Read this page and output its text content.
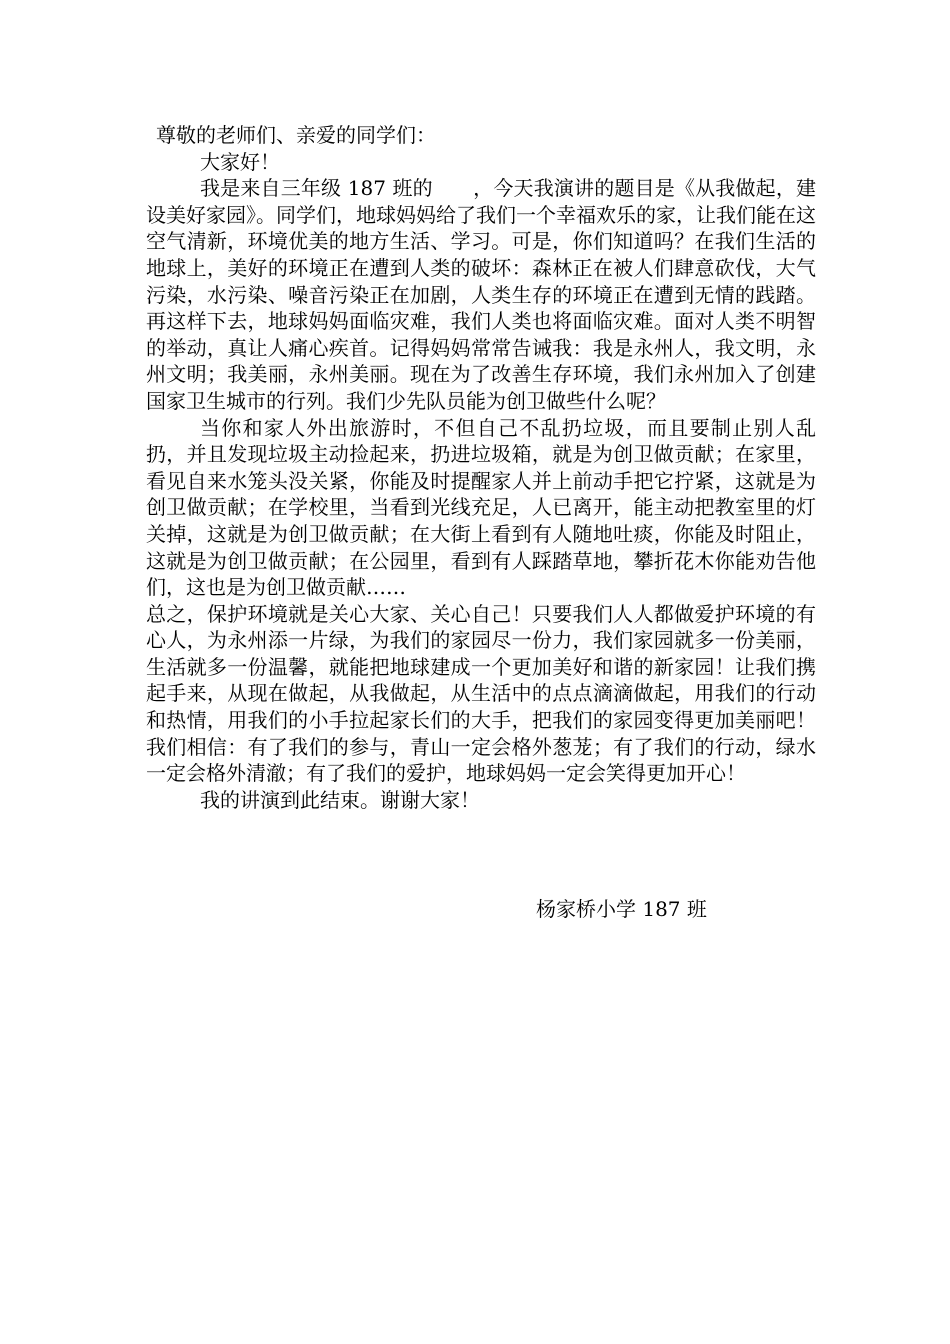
尊敬的老师们、亲爱的同学们：

大家好！

我是来自三年级 187 班的　　，今天我演讲的题目是《从我做起，建设美好家园》。同学们，地球妈妈给了我们一个幸福欢乐的家，让我们能在这空气清新，环境优美的地方生活、学习。可是，你们知道吗？在我们生活的地球上，美好的环境正在遭到人类的破坏：森林正在被人们肆意砍伐，大气污染，水污染、噪音污染正在加剧，人类生存的环境正在遭到无情的践踏。再这样下去，地球妈妈面临灾难，我们人类也将面临灾难。面对人类不明智的举动，真让人痛心疾首。记得妈妈常常告诫我：我是永州人，我文明，永州文明；我美丽，永州美丽。现在为了改善生存环境，我们永州加入了创建国家卫生城市的行列。我们少先队员能为创卫做些什么呢？

当你和家人外出旅游时，不但自己不乱扔垃圾，而且要制止别人乱扔，并且发现垃圾主动捡起来，扔进垃圾箱，就是为创卫做贡献；在家里，看见自来水笼头没关紧，你能及时提醒家人并上前动手把它拧紧，这就是为创卫做贡献；在学校里，当看到光线充足，人已离开，能主动把教室里的灯关掉，这就是为创卫做贡献；在大街上看到有人随地吐痰，你能及时阻止，这就是为创卫做贡献；在公园里，看到有人踩踏草地，攀折花木你能劝告他们，这也是为创卫做贡献……

总之，保护环境就是关心大家、关心自己！只要我们人人都做爱护环境的有心人，为永州添一片绿，为我们的家园尽一份力，我们家园就多一份美丽，生活就多一份温馨，就能把地球建成一个更加美好和谐的新家园！让我们携起手来，从现在做起，从我做起，从生活中的点点滴滴做起，用我们的行动和热情，用我们的小手拉起家长们的大手，把我们的家园变得更加美丽吧！我们相信：有了我们的参与，青山一定会格外葱茏；有了我们的行动，绿水一定会格外清澈；有了我们的爱护，地球妈妈一定会笑得更加开心！

我的讲演到此结束。谢谢大家！

杨家桥小学 187 班
